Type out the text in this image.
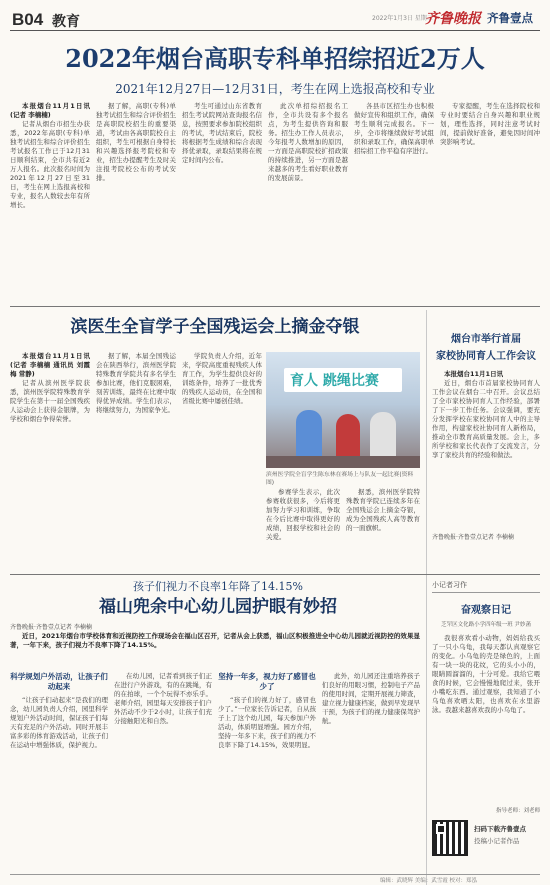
B04 教育	2022年1月3日 星期二
齐鲁晚报 齐鲁壹点
2022年烟台高职专科单招综招近2万人
2021年12月27日—12月31日，考生在网上选报高校和专业

本报烟台11月1日讯(记者 李楠楠)

记者从烟台市招生办获悉，2022年高职(专科)单独考试招生和综合评价招生考试报名工作已于12月31日顺利结束，全市共有近2万人报名。此次报名时间为2021年12月27日至31日，考生在网上选报高校和专业，报名人数较去年有所增长。

据了解，高职(专科)单独考试招生和综合评价招生是高职院校招生的重要渠道，考试由各高职院校自主组织，考生可根据自身特长和兴趣选择报考院校和专业，招生办提醒考生及时关注报考院校公布的考试安排。

考生可通过山东省教育招生考试院网站查询报名信息，按照要求参加院校组织的考试，考试结束后，院校将根据考生成绩和综合表现择优录取，录取结果将在规定时间内公布。

此次单招综招报名工作，全市共设有多个报名点，为考生提供咨询和服务。招生办工作人员表示，今年报考人数增加的原因，一方面是高职院校扩招政策的持续推进，另一方面是越来越多的考生看好职业教育的发展前景。

各县市区招生办也积极做好宣传和组织工作，确保考生顺利完成报名。下一步，全市将继续做好考试组织和录取工作，确保高职单招综招工作平稳有序进行。

专家提醒，考生在选择院校和专业时要结合自身兴趣和职业规划，理性选择，同时注意考试时间，提前做好准备，避免因时间冲突影响考试。

滨医生全盲学子全国残运会上摘金夺银

本报烟台11月1日讯(记者 李楠楠 通讯员 刘霞梅 常静)

记者从滨州医学院获悉，滨州医学院特殊教育学院学生在第十一届全国残疾人运动会上获得金银牌，为学校和烟台争得荣誉。

据了解，本届全国残运会在陕西举行，滨州医学院特殊教育学院共有多名学生参加比赛，他们克服困难，刻苦训练，最终在比赛中取得优异成绩。学生们表示，将继续努力，为国家争光。

学院负责人介绍，近年来，学院高度重视残疾人体育工作，为学生提供良好的训练条件，培养了一批优秀的残疾人运动员，在全国和省级比赛中屡创佳绩。

育人 跳绳比赛
滨州医学院全盲学生陈东林在赛场上与队友一起比赛(资料图)

参赛学生表示，此次参赛收获很多，今后将更加努力学习和训练，争取在今后比赛中取得更好的成绩，回报学校和社会的关爱。

据悉，滨州医学院特殊教育学院已连续多年在全国残运会上摘金夺银，成为全国残疾人高等教育的一面旗帜。

烟台市举行首届
家校协同育人工作会议

本报烟台11月1日讯

近日，烟台市首届家校协同育人工作会议在烟台二中召开。会议总结了全市家校协同育人工作经验，部署了下一步工作任务。会议强调，要充分发挥学校在家校协同育人中的主导作用，构建家校社协同育人新格局，推动全市教育高质量发展。会上，多所学校和家长代表作了交流发言，分享了家校共育的经验和做法。

齐鲁晚报·齐鲁壹点记者 李楠楠
孩子们视力不良率1年降了14.15%
福山兜余中心幼儿园护眼有妙招
齐鲁晚报·齐鲁壹点记者 李楠楠

近日，2021年烟台市学校体育和近视防控工作现场会在福山区召开，记者从会上获悉，福山区积极推进全中心幼儿园就近视防控的效果显著，一年下来，孩子们视力不良率下降了14.15%。

科学规划户外活动，让孩子们动起来

“让孩子们动起来”是我们的理念，幼儿园负责人介绍，园里科学规划户外活动时间，保证孩子们每天有充足的户外活动。同时开展丰富多彩的体育游戏活动，让孩子们在运动中增强体质，保护视力。

在幼儿园，记者看到孩子们正在进行户外游戏，有的在跳绳，有的在拍球，一个个玩得不亦乐乎。老师介绍，园里每天安排孩子们户外活动不少于2小时，让孩子们充分接触阳光和自然。

坚持一年多，视力好了感冒也少了

“孩子们的视力好了，感冒也少了。”一位家长告诉记者，自从孩子上了这个幼儿园，每天参加户外活动，体质明显增强。园方介绍，坚持一年多下来，孩子们的视力不良率下降了14.15%，效果明显。

此外，幼儿园还注重培养孩子们良好的用眼习惯，控制电子产品的使用时间，定期开展视力筛查，建立视力健康档案，做到早发现早干预，为孩子们的视力健康保驾护航。

小记者习作
奋观察日记
芝罘区文化路小学四年级一班 尹妙菡

我很喜欢看小动物，妈妈给我买了一只小乌龟，我每天都认真观察它的变化。小乌龟的壳是绿色的，上面有一块一块的花纹，它的头小小的，眼睛圆溜溜的，十分可爱。我给它喂食的时候，它会慢慢地爬过来，张开小嘴吃东西。通过观察，我知道了小乌龟喜欢晒太阳，也喜欢在水里游泳。我越来越喜欢我的小乌龟了。

指导老师：刘老师
扫码下载齐鲁壹点
投稿小记者作品
编辑：武晓辉 美编：武雪霞 校对：郑泓
